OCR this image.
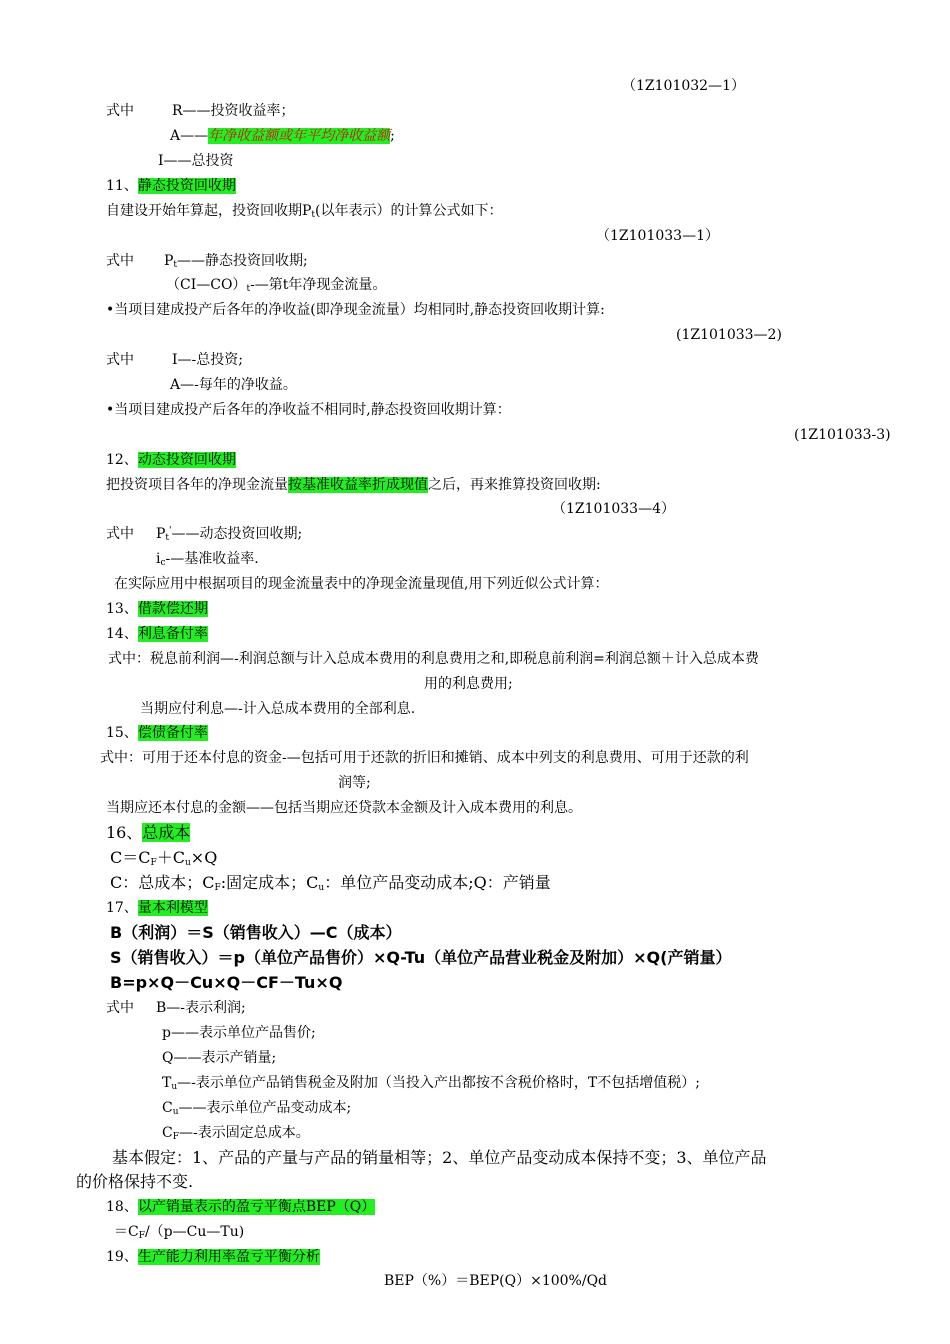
（1Z101032—1）
式中	R——投资收益率；
A——年净收益额或年平均净收益额;
I——总投资
11、静态投资回收期
自建设开始年算起，投资回收期$P_t$(以年表示）的计算公式如下：
（1Z101033—1）
式中 $P_t——$静态投资回收期;
$(CI—CO)_t-—$第t年净现金流量。
•当项目建成投产后各年的净收益(即净现金流量）均相同时,静态投资回收期计算:
(1Z101033—2)
式中	I—-总投资;
A—-每年的净收益。
•当项目建成投产后各年的净收益不相同时,静态投资回收期计算：
(1Z101033-3)
12、动态投资回收期
把投资项目各年的净现金流量按基准收益率折成现值之后，再来推算投资回收期:
（1Z101033—4）
式中 $P_t'——$动态投资回收期;
$i_c-—$基准收益率.
在实际应用中根据项目的现金流量表中的净现金流量现值,用下列近似公式计算：
13、借款偿还期
14、利息备付率
式中：税息前利润—-利润总额与计入总成本费用的利息费用之和,即税息前利润=利润总额＋计入总成本费
用的利息费用;
当期应付利息—-计入总成本费用的全部利息.
15、偿债备付率
式中：可用于还本付息的资金-—包括可用于还款的折旧和摊销、成本中列支的利息费用、可用于还款的利
润等;
当期应还本付息的金额——包括当期应还贷款本金额及计入成本费用的利息。
16、总成本
$C=C_F+C_u\times Q$
C：总成本；$C_F$:固定成本；$C_u$：单位产品变动成本;Q：产销量
17、量本利模型
B（利润）＝S（销售收入）—C（成本）
S（销售收入）＝p（单位产品售价）×Q-Tu（单位产品营业税金及附加）×Q(产销量）
B=p×Q－Cu×Q－CF－Tu×Q
式中 B—-表示利润;
p——表示单位产品售价;
Q——表示产销量;
$T_u—-$表示单位产品销售税金及附加（当投入产出都按不含税价格时，T不包括增值税）;
$C_u——$表示单位产品变动成本;
$C_F—-$表示固定总成本。
基本假定：1、产品的产量与产品的销量相等；2、单位产品变动成本保持不变；3、单位产品
的价格保持不变.
18、以产销量表示的盈亏平衡点BEP（Q）
$=C_F/(p—Cu—Tu)$
19、生产能力利用率盈亏平衡分析
BEP（%）＝BEP(Q）×100%/Qd
